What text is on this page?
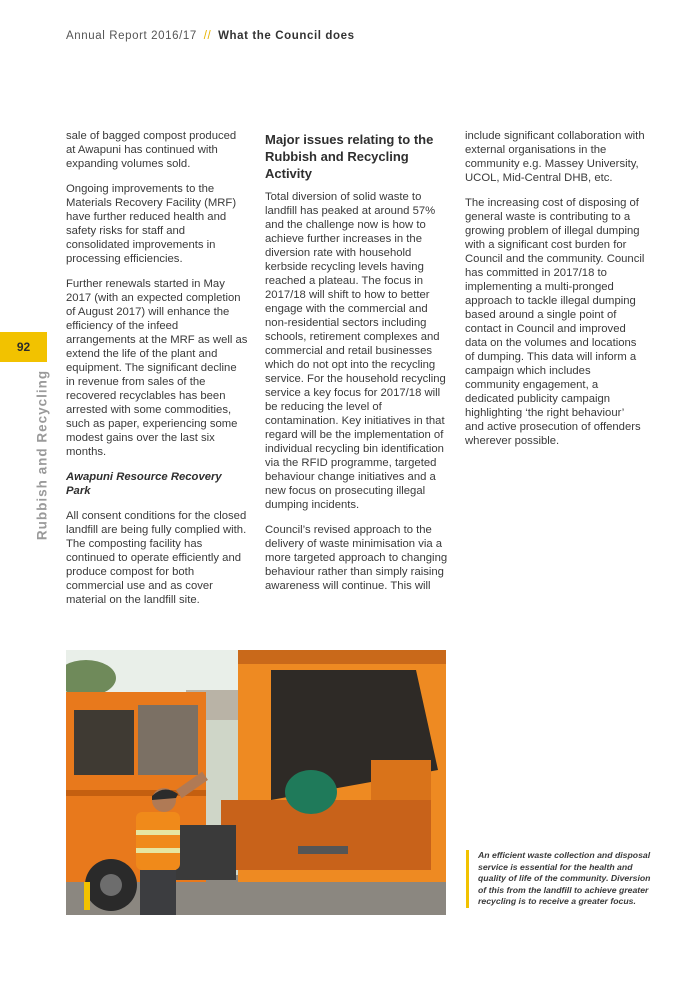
Annual Report 2016/17 // What the Council does
92
Rubbish and Recycling

sale of bagged compost produced at Awapuni has continued with expanding volumes sold.

Ongoing improvements to the Materials Recovery Facility (MRF) have further reduced health and safety risks for staff and consolidated improvements in processing efficiencies.

Further renewals started in May 2017 (with an expected completion of August 2017) will enhance the efficiency of the infeed arrangements at the MRF as well as extend the life of the plant and equipment. The significant decline in revenue from sales of the recovered recyclables has been arrested with some commodities, such as paper, experiencing some modest gains over the last six months.

Awapuni Resource Recovery Park

All consent conditions for the closed landfill are being fully complied with. The composting facility has continued to operate efficiently and produce compost for both commercial use and as cover material on the landfill site.

Major issues relating to the Rubbish and Recycling Activity

Total diversion of solid waste to landfill has peaked at around 57% and the challenge now is how to achieve further increases in the diversion rate with household kerbside recycling levels having reached a plateau. The focus in 2017/18 will shift to how to better engage with the commercial and non-residential sectors including schools, retirement complexes and commercial and retail businesses which do not opt into the recycling service. For the household recycling service a key focus for 2017/18 will be reducing the level of contamination. Key initiatives in that regard will be the implementation of individual recycling bin identification via the RFID programme, targeted behaviour change initiatives and a new focus on prosecuting illegal dumping incidents.

Council’s revised approach to the delivery of waste minimisation via a more targeted approach to changing behaviour rather than simply raising awareness will continue. This will

include significant collaboration with external organisations in the community e.g. Massey University, UCOL, Mid-Central DHB, etc.

The increasing cost of disposing of general waste is contributing to a growing problem of illegal dumping with a significant cost burden for Council and the community. Council has committed in 2017/18 to implementing a multi-pronged approach to tackle illegal dumping based around a single point of contact in Council and improved data on the volumes and locations of dumping. This data will inform a campaign which includes community engagement, a dedicated publicity campaign highlighting ‘the right behaviour’ and active prosecution of offenders wherever possible.

An efficient waste collection and disposal service is essential for the health and quality of life of the community. Diversion of this from the landfill to achieve greater recycling is to receive a greater focus.
